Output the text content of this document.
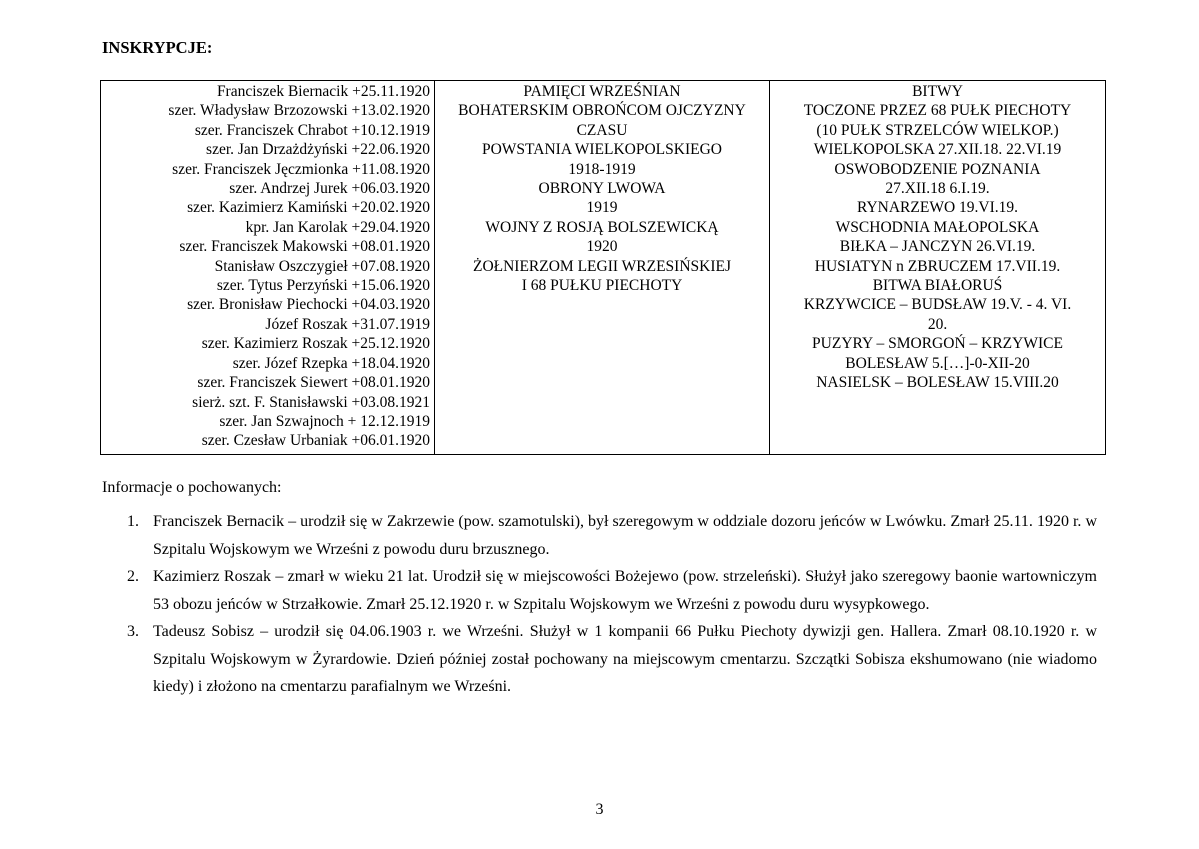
INSKRYPCJE:
Franciszek Biernacik +25.11.1920
szer. Władysław Brzozowski +13.02.1920
szer. Franciszek Chrabot +10.12.1919
szer. Jan Drzażdżyński +22.06.1920
szer. Franciszek Jęczmionka +11.08.1920
szer. Andrzej Jurek +06.03.1920
szer. Kazimierz Kamiński +20.02.1920
kpr. Jan Karolak +29.04.1920
szer. Franciszek Makowski +08.01.1920
Stanisław Oszczygieł +07.08.1920
szer. Tytus Perzyński +15.06.1920
szer. Bronisław Piechocki +04.03.1920
Józef Roszak +31.07.1919
szer. Kazimierz Roszak +25.12.1920
szer. Józef Rzepka +18.04.1920
szer. Franciszek Siewert +08.01.1920
sierż. szt. F. Stanisławski +03.08.1921
szer. Jan Szwajnoch + 12.12.1919
szer. Czesław Urbaniak +06.01.1920

PAMIĘCI WRZEŚNIAN
BOHATERSKIM OBROŃCOM OJCZYZNY
CZASU
POWSTANIA WIELKOPOLSKIEGO
1918-1919
OBRONY LWOWA
1919
WOJNY Z ROSJĄ BOLSZEWICKĄ
1920
ŻOŁNIERZOM LEGII WRZESIŃSKIEJ
I 68 PUŁKU PIECHOTY

BITWY
TOCZONE PRZEZ 68 PUŁK PIECHOTY
(10 PUŁK STRZELCÓW WIELKOP.)
WIELKOPOLSKA 27.XII.18. 22.VI.19
OSWOBODZENIE POZNANIA
27.XII.18 6.I.19.
RYNARZEWO 19.VI.19.
WSCHODNIA MAŁOPOLSKA
BIŁKA – JANCZYN 26.VI.19.
HUSIATYN n ZBRUCZEM 17.VII.19.
BITWA BIAŁORUŚ
KRZYWCICE – BUDSŁAW 19.V. - 4. VI. 20.
PUZYRY – SMORGOŃ – KRZYWICE
BOLESŁAW 5.[…]-0-XII-20
NASIELSK – BOLESŁAW 15.VIII.20
Informacje o pochowanych:
1. Franciszek Bernacik – urodził się w Zakrzewie (pow. szamotulski), był szeregowym w oddziale dozoru jeńców w Lwówku. Zmarł 25.11. 1920 r. w Szpitalu Wojskowym we Wrześni z powodu duru brzusznego.
2. Kazimierz Roszak – zmarł w wieku 21 lat. Urodził się w miejscowości Bożejewo (pow. strzeleński). Służył jako szeregowy baonie wartowniczym 53 obozu jeńców w Strzałkowie. Zmarł 25.12.1920 r. w Szpitalu Wojskowym we Wrześni z powodu duru wysypkowego.
3. Tadeusz Sobisz – urodził się 04.06.1903 r. we Wrześni. Służył w 1 kompanii 66 Pułku Piechoty dywizji gen. Hallera. Zmarł 08.10.1920 r. w Szpitalu Wojskowym w Żyrardowie. Dzień później został pochowany na miejscowym cmentarzu. Szczątki Sobisza ekshumowano (nie wiadomo kiedy) i złożono na cmentarzu parafialnym we Wrześni.
3
